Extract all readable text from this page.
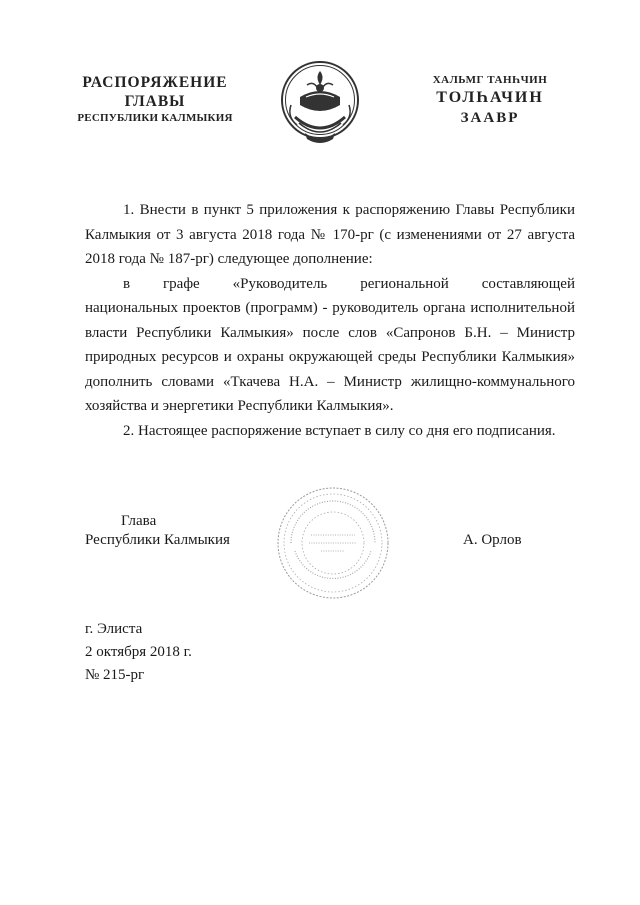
РАСПОРЯЖЕНИЕ
ГЛАВЫ
РЕСПУБЛИКИ КАЛМЫКИЯ
ХАЛЬМГ ТАНҺЧИН
ТОЛҺАЧИН
ЗААВР

1. Внести в пункт 5 приложения к распоряжению Главы Республики Калмыкия от 3 августа 2018 года № 170-рг (с изменениями от 27 августа 2018 года № 187-рг) следующее дополнение:

в графе «Руководитель региональной составляющей

национальных проектов (программ) - руководитель органа исполнительной власти Республики Калмыкия» после слов «Сапронов Б.Н. – Министр природных ресурсов и охраны окружающей среды Республики Калмыкия» дополнить словами «Ткачева Н.А. – Министр жилищно-коммунального хозяйства и энергетики Республики Калмыкия».

2. Настоящее распоряжение вступает в силу со дня его подписания.

Глава
Республики Калмыкия	А. Орлов
г. Элиста
2 октября 2018 г.
№ 215-рг
